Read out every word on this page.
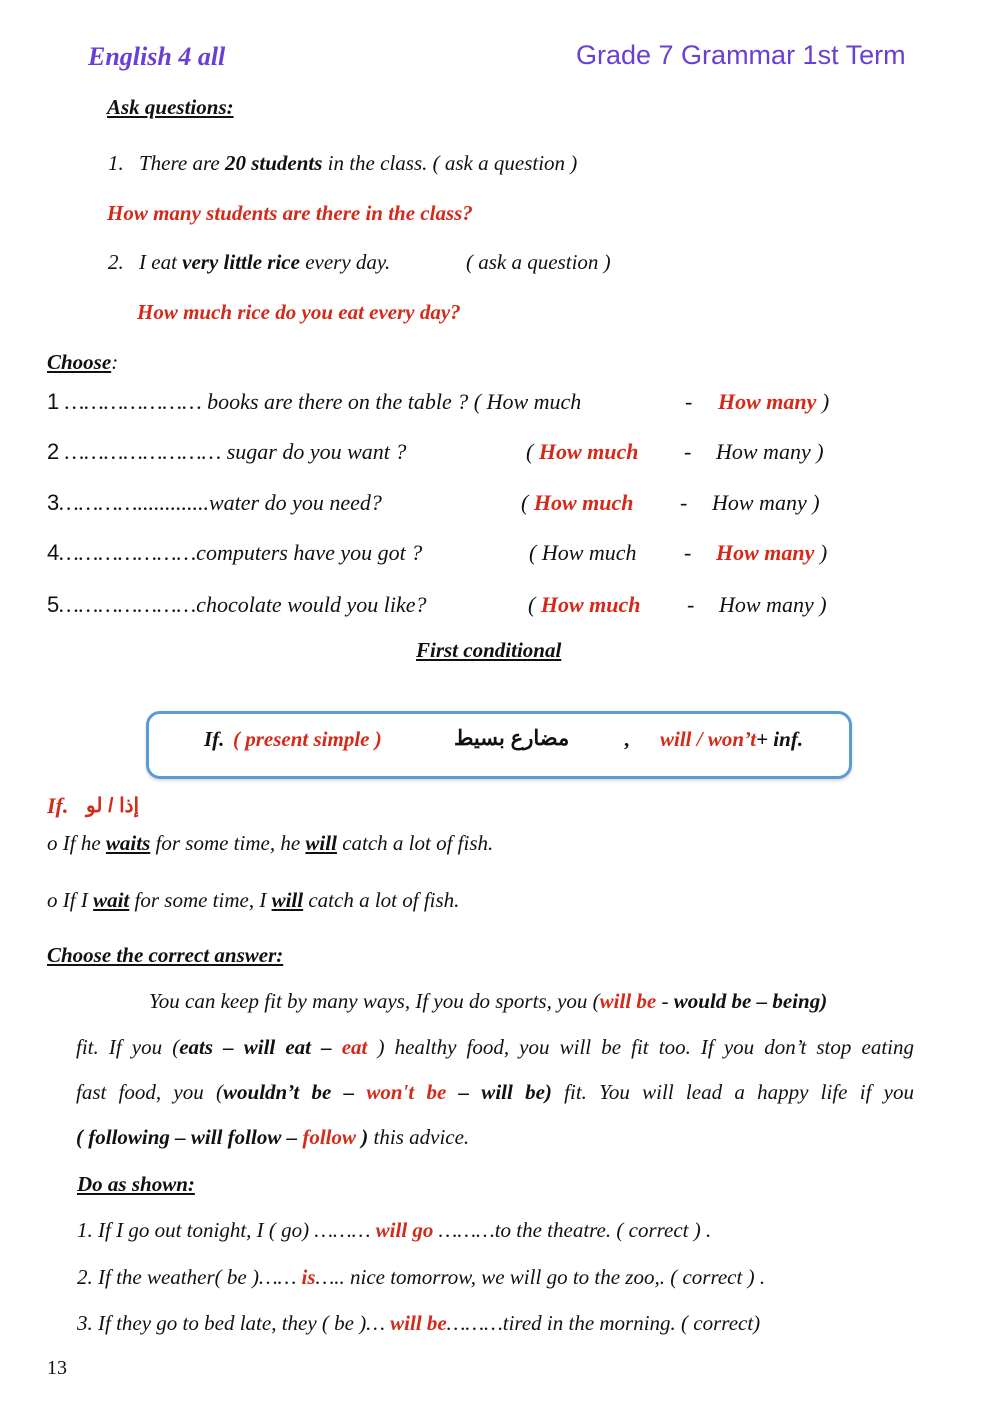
English 4 all	Grade 7 Grammar 1st Term
Ask questions:
1. There are 20 students in the class. ( ask a question )
How many students are there in the class?
2. I eat very little rice every day.	( ask a question )
How much rice do you eat every day?
Choose:
1 ………………… books are there on the table ? ( How much	- How many )
2 …………………… sugar do you want ?	( How much - How many )
3………….............water do you need?	( How much - How many )
4…………………computers have you got ?	( How much - How many )
5…………………chocolate would you like?	( How much - How many )
First conditional
If. ( present simple )	مضارع بسيط	, will / won’t+ inf.
If. إذا / لو
o If he waits for some time, he will catch a lot of fish.
o If I wait for some time, I will catch a lot of fish.
Choose the correct answer:
You can keep fit by many ways, If you do sports, you (will be - would be – being)
fit. If you (eats – will eat – eat ) healthy food, you will be fit too. If you don’t stop eating
fast food, you (wouldn’t be – won't be – will be) fit. You will lead a happy life if you
( following – will follow – follow ) this advice.
Do as shown:
1. If I go out tonight, I ( go) ……… will go ………to the theatre. ( correct ) .
2. If the weather( be )…… is….. nice tomorrow, we will go to the zoo,. ( correct ) .
3. If they go to bed late, they ( be )… will be………tired in the morning. ( correct)
13
